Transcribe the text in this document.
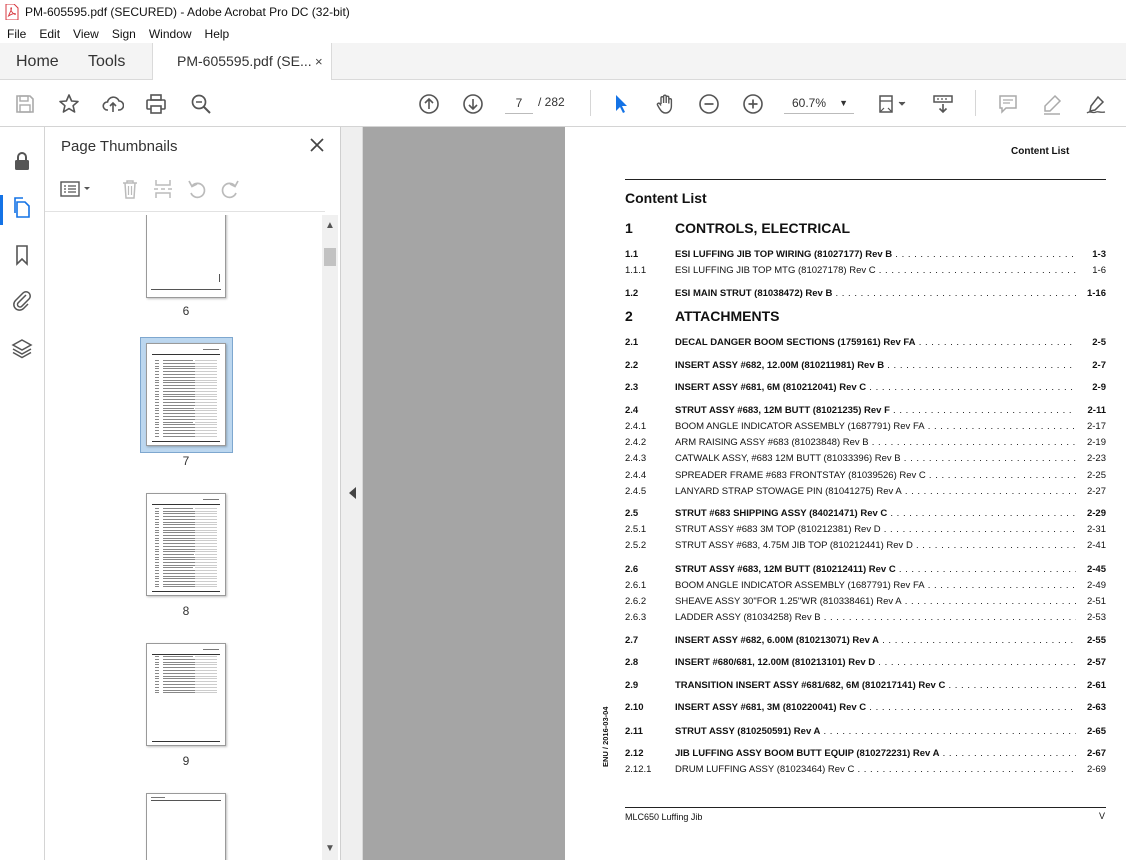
PM-605595.pdf (SECURED) - Adobe Acrobat Pro DC (32-bit)
File	Edit	View	Sign	Window	Help
Home Tools	PM-605595.pdf (SE... ×
7	/ 282	60.7% ▼
Page Thumbnails
6
7
8
9
▲
▼
Content List
Content List
1	CONTROLS, ELECTRICAL
2	ATTACHMENTS
1.1	ESI LUFFING JIB TOP WIRING (81027177) Rev B . . .	1-3
1.1.1	ESI LUFFING JIB TOP MTG (81027178) Rev C . . .	1-6
1.2	ESI MAIN STRUT (81038472) Rev B . . .	1-16
2.1	DECAL DANGER BOOM SECTIONS (1759161) Rev FA . . .	2-5
2.2	INSERT ASSY #682, 12.00M (810211981) Rev B . . .	2-7
2.3	INSERT ASSY #681, 6M (810212041) Rev C . . .	2-9
2.4	STRUT ASSY #683, 12M BUTT (81021235) Rev F . . .	2-11
2.4.1	BOOM ANGLE INDICATOR ASSEMBLY (1687791) Rev FA . . .	2-17
2.4.2	ARM RAISING ASSY #683 (81023848) Rev B . . .	2-19
2.4.3	CATWALK ASSY, #683 12M BUTT (81033396) Rev B . . .	2-23
2.4.4	SPREADER FRAME #683 FRONTSTAY (81039526) Rev C . . .	2-25
2.4.5	LANYARD STRAP STOWAGE PIN (81041275) Rev A . . .	2-27
2.5	STRUT #683 SHIPPING ASSY (84021471) Rev C . . .	2-29
2.5.1	STRUT ASSY #683 3M TOP (810212381) Rev D . . .	2-31
2.5.2	STRUT ASSY #683, 4.75M JIB TOP (810212441) Rev D . . .	2-41
2.6	STRUT ASSY #683, 12M BUTT (810212411) Rev C . . .	2-45
2.6.1	BOOM ANGLE INDICATOR ASSEMBLY (1687791) Rev FA . . .	2-49
2.6.2	SHEAVE ASSY 30"FOR 1.25"WR (810338461) Rev A . . .	2-51
2.6.3	LADDER ASSY (81034258) Rev B . . .	2-53
2.7	INSERT ASSY #682, 6.00M (810213071) Rev A . . .	2-55
2.8	INSERT #680/681, 12.00M (810213101) Rev D . . .	2-57
2.9	TRANSITION INSERT ASSY #681/682, 6M (810217141) Rev C . . .	2-61
2.10	INSERT ASSY #681, 3M (810220041) Rev C . . .	2-63
2.11	STRUT ASSY (810250591) Rev A . . .	2-65
2.12	JIB LUFFING ASSY BOOM BUTT EQUIP (810272231) Rev A . . .	2-67
2.12.1 DRUM LUFFING ASSY (81023464) Rev C . . .	2-69
ENU / 2016-03-04
MLC650 Luffing Jib	V
